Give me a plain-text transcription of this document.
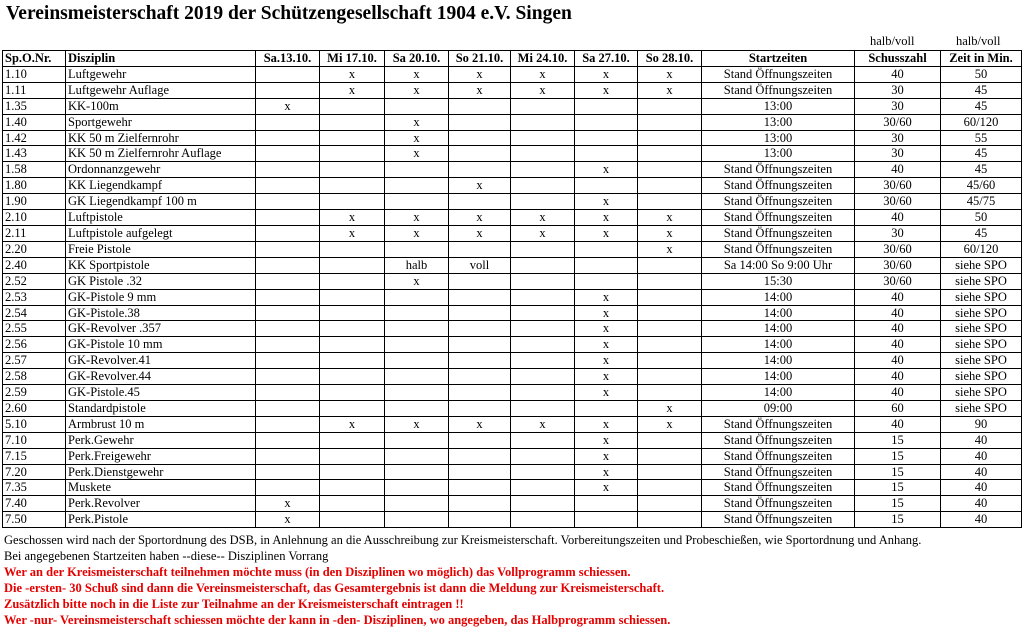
Vereinsmeisterschaft 2019 der Schützengesellschaft 1904 e.V. Singen
halb/voll	halb/voll
Sp.O.Nr.	Disziplin	Sa.13.10.	Mi 17.10.	Sa 20.10.	So 21.10.	Mi 24.10.	Sa 27.10.	So 28.10.	Startzeiten	Schusszahl	Zeit in Min.
1.10	Luftgewehr		x	x	x	x	x	x	Stand Öffnungszeiten	40	50
1.11	Luftgewehr Auflage		x	x	x	x	x	x	Stand Öffnungszeiten	30	45
1.35	KK-100m	x							13:00	30	45
1.40	Sportgewehr			x					13:00	30/60	60/120
1.42	KK 50 m Zielfernrohr			x					13:00	30	55
1.43	KK 50 m Zielfernrohr Auflage			x					13:00	30	45
1.58	Ordonnanzgewehr						x		Stand Öffnungszeiten	40	45
1.80	KK Liegendkampf				x				Stand Öffnungszeiten	30/60	45/60
1.90	GK Liegendkampf 100 m						x		Stand Öffnungszeiten	30/60	45/75
2.10	Luftpistole		x	x	x	x	x	x	Stand Öffnungszeiten	40	50
2.11	Luftpistole aufgelegt		x	x	x	x	x	x	Stand Öffnungszeiten	30	45
2.20	Freie Pistole							x	Stand Öffnungszeiten	30/60	60/120
2.40	KK Sportpistole			halb	voll				Sa 14:00 So 9:00 Uhr	30/60	siehe SPO
2.52	GK Pistole .32			x					15:30	30/60	siehe SPO
2.53	GK-Pistole 9 mm						x		14:00	40	siehe SPO
2.54	GK-Pistole.38						x		14:00	40	siehe SPO
2.55	GK-Revolver .357						x		14:00	40	siehe SPO
2.56	GK-Pistole 10 mm						x		14:00	40	siehe SPO
2.57	GK-Revolver.41						x		14:00	40	siehe SPO
2.58	GK-Revolver.44						x		14:00	40	siehe SPO
2.59	GK-Pistole.45						x		14:00	40	siehe SPO
2.60	Standardpistole							x	09:00	60	siehe SPO
5.10	Armbrust 10 m		x	x	x	x	x	x	Stand Öffnungszeiten	40	90
7.10	Perk.Gewehr						x		Stand Öffnungszeiten	15	40
7.15	Perk.Freigewehr						x		Stand Öffnungszeiten	15	40
7.20	Perk.Dienstgewehr						x		Stand Öffnungszeiten	15	40
7.35	Muskete						x		Stand Öffnungszeiten	15	40
7.40	Perk.Revolver	x							Stand Öffnungszeiten	15	40
7.50	Perk.Pistole	x							Stand Öffnungszeiten	15	40
Geschossen wird nach der Sportordnung des DSB, in Anlehnung an die Ausschreibung zur Kreismeisterschaft. Vorbereitungszeiten und Probeschießen, wie Sportordnung und Anhang.
Bei angegebenen Startzeiten haben --diese-- Disziplinen Vorrang
Wer an der Kreismeisterschaft teilnehmen möchte muss (in den Disziplinen wo möglich) das Vollprogramm schiessen.
Die -ersten- 30 Schuß sind dann die Vereinsmeisterschaft, das Gesamtergebnis ist dann die Meldung zur Kreismeisterschaft.
Zusätzlich bitte noch in die Liste zur Teilnahme an der Kreismeisterschaft eintragen !!
Wer -nur- Vereinsmeisterschaft schiessen möchte der kann in -den- Disziplinen, wo angegeben, das Halbprogramm schiessen.
